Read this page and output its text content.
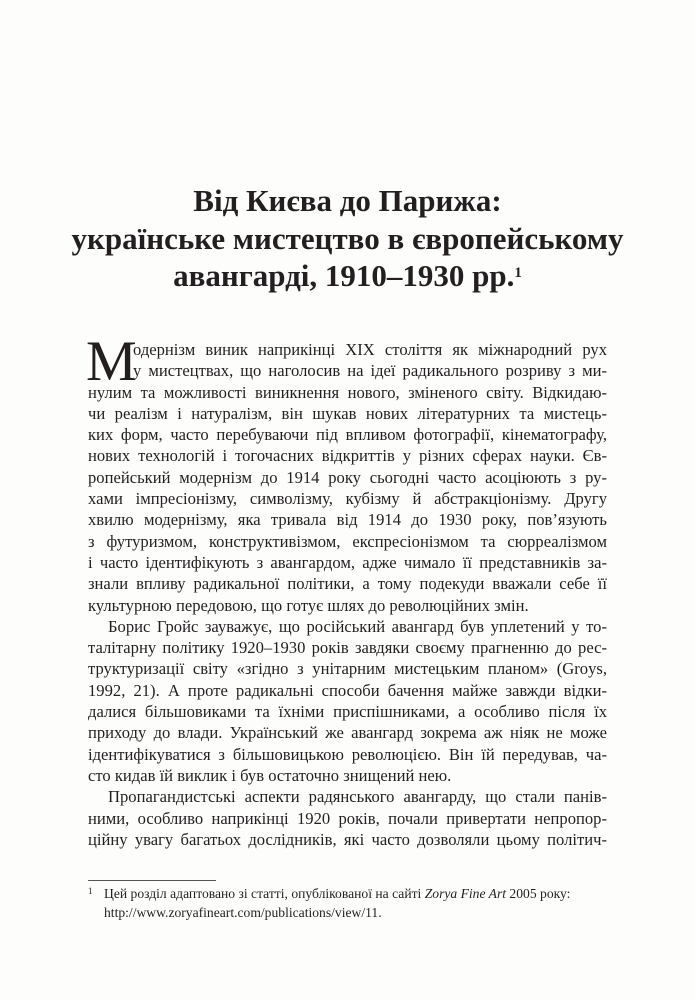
Від Києва до Парижа:
українське мистецтво в європейському
авангарді, 1910–1930 рр.$^1$
М
одернізм виник наприкінці XIX століття як міжнародний рух
у мистецтвах, що наголосив на ідеї радикального розриву з ми-
нулим та можливості виникнення нового, зміненого світу. Відкидаю-
чи реалізм і натуралізм, він шукав нових літературних та мистець-
ких форм, часто перебуваючи під впливом фотографії, кінематографу,
нових технологій і тогочасних відкриттів у різних сферах науки. Єв-
ропейський модернізм до 1914 року сьогодні часто асоціюють з ру-
хами імпресіонізму, символізму, кубізму й абстракціонізму. Другу
хвилю модернізму, яка тривала від 1914 до 1930 року, пов’язують
з футуризмом, конструктивізмом, експресіонізмом та сюрреалізмом
і часто ідентифікують з авангардом, адже чимало її представників за-
знали впливу радикальної політики, а тому подекуди вважали себе її
культурною передовою, що готує шлях до революційних змін.
Борис Гройс зауважує, що російський авангард був уплетений у то-
талітарну політику 1920–1930 років завдяки своєму прагненню до рес-
труктуризації світу «згідно з унітарним мистецьким планом» (Groys,
1992, 21). А проте радикальні способи бачення майже завжди відки-
далися більшовиками та їхніми приспішниками, а особливо після їх
приходу до влади. Український же авангард зокрема аж ніяк не може
ідентифікуватися з більшовицькою революцією. Він їй передував, ча-
сто кидав їй виклик і був остаточно знищений нею.
Пропагандистські аспекти радянського авангарду, що стали панів-
ними, особливо наприкінці 1920 років, почали привертати непропор-
ційну увагу багатьох дослідників, які часто дозволяли цьому політич-
1 Цей розділ адаптовано зі статті, опублікованої на сайті Zorya Fine Art 2005 року:
http://www.zoryafineart.com/publications/view/11.
